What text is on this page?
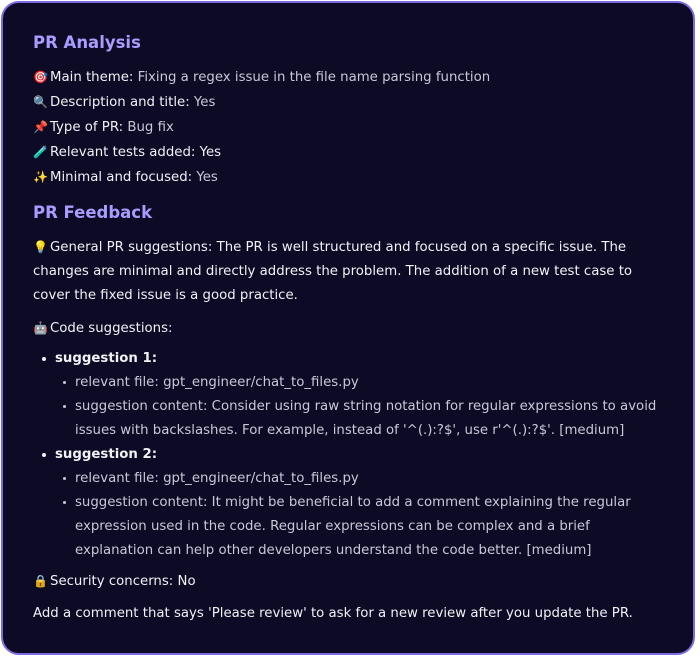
PR Analysis

🎯 Main theme: Fixing a regex issue in the file name parsing function

🔍 Description and title: Yes

📌 Type of PR: Bug fix

🧪 Relevant tests added: Yes

✨ Minimal and focused: Yes

PR Feedback

💡 General PR suggestions: The PR is well structured and focused on a specific issue. The changes are minimal and directly address the problem. The addition of a new test case to cover the fixed issue is a good practice.

🤖 Code suggestions:

suggestion 1:
relevant file: gpt_engineer/chat_to_files.py
suggestion content: Consider using raw string notation for regular expressions to avoid issues with backslashes. For example, instead of '^(.):?$', use r'^(.):?$'. [medium]
suggestion 2:
relevant file: gpt_engineer/chat_to_files.py
suggestion content: It might be beneficial to add a comment explaining the regular expression used in the code. Regular expressions can be complex and a brief explanation can help other developers understand the code better. [medium]

🔒 Security concerns: No

Add a comment that says 'Please review' to ask for a new review after you update the PR.
